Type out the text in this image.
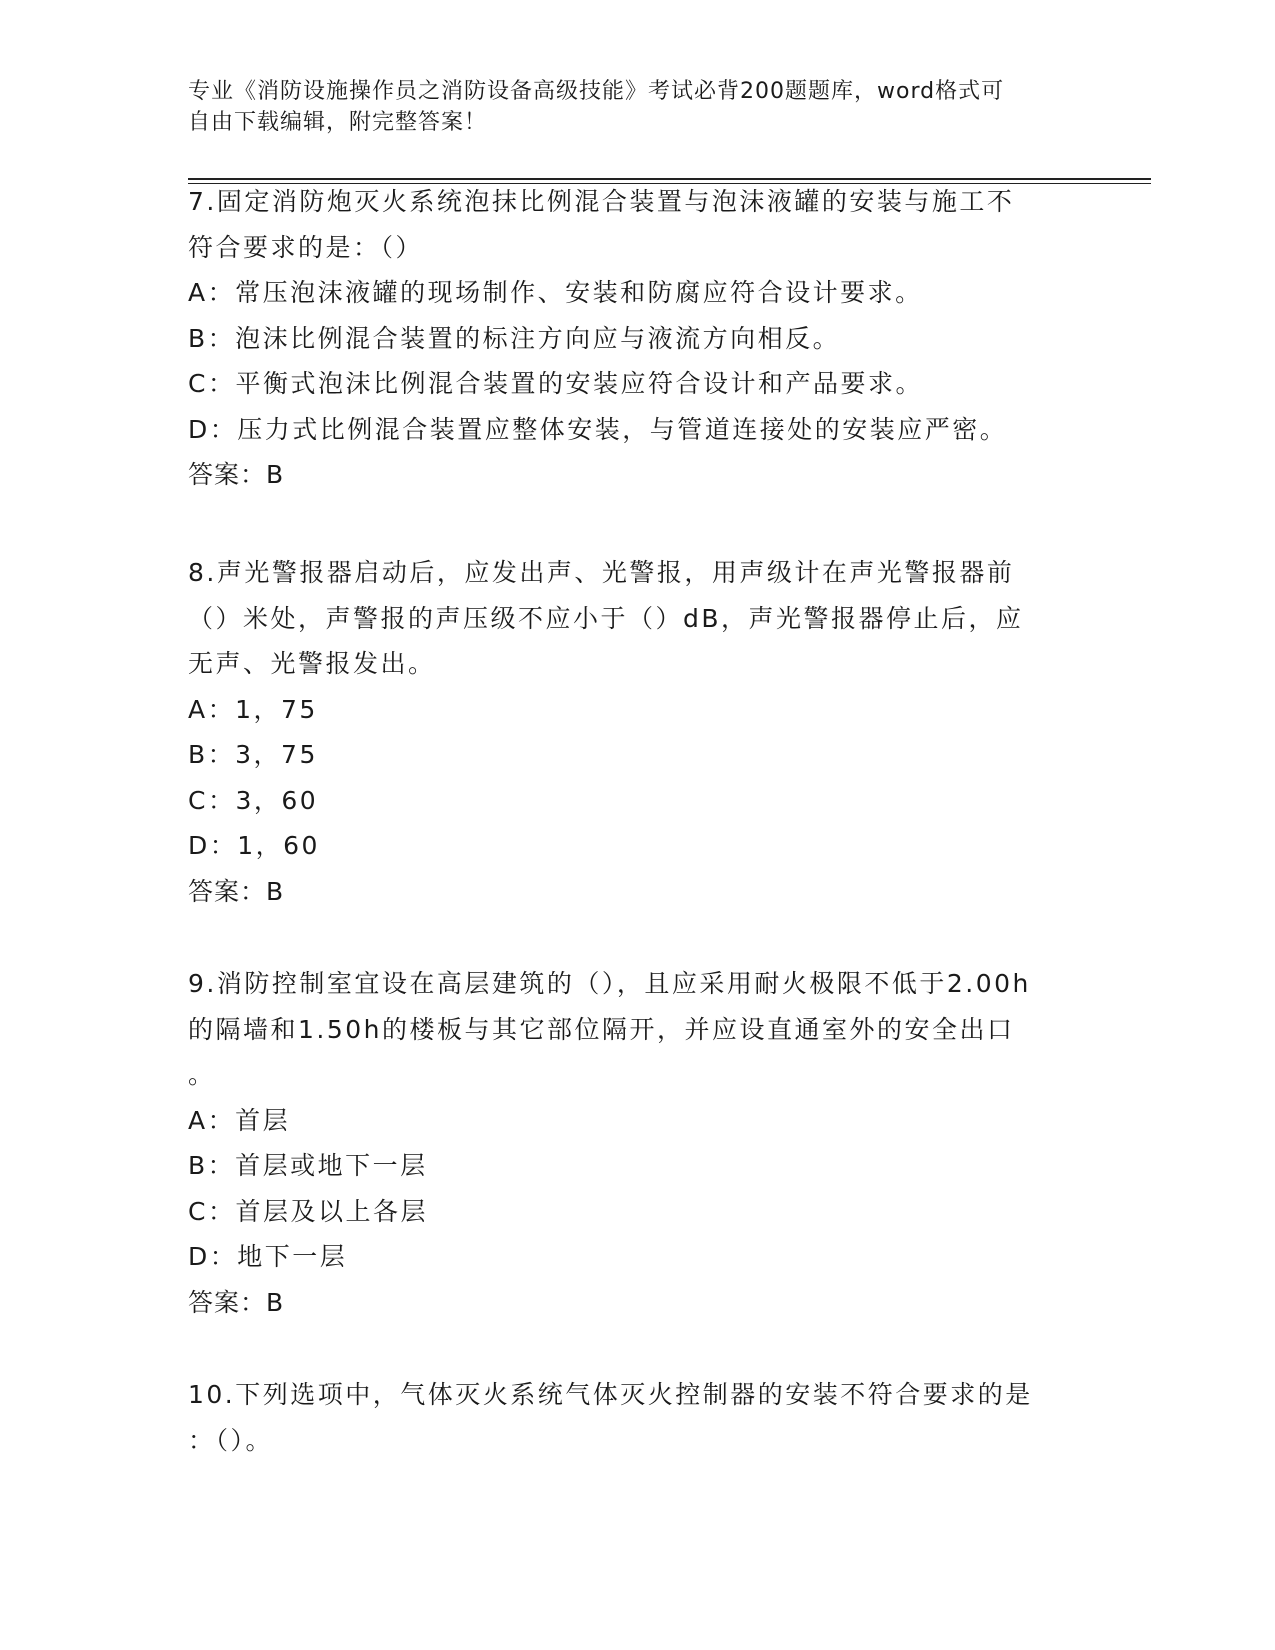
专业《消防设施操作员之消防设备高级技能》考试必背200题题库，word格式可
自由下载编辑，附完整答案！
7.固定消防炮灭火系统泡抹比例混合装置与泡沫液罐的安装与施工不
符合要求的是：（）
A：常压泡沫液罐的现场制作、安装和防腐应符合设计要求。
B：泡沫比例混合装置的标注方向应与液流方向相反。
C：平衡式泡沫比例混合装置的安装应符合设计和产品要求。
D：压力式比例混合装置应整体安装，与管道连接处的安装应严密。
答案：B
8.声光警报器启动后，应发出声、光警报，用声级计在声光警报器前
（）米处，声警报的声压级不应小于（）dB，声光警报器停止后，应
无声、光警报发出。
A：1，75
B：3，75
C：3，60
D：1，60
答案：B
9.消防控制室宜设在高层建筑的（），且应采用耐火极限不低于2.00h
的隔墙和1.50h的楼板与其它部位隔开，并应设直通室外的安全出口
。
A：首层
B：首层或地下一层
C：首层及以上各层
D：地下一层
答案：B
10.下列选项中，气体灭火系统气体灭火控制器的安装不符合要求的是
：（）。
